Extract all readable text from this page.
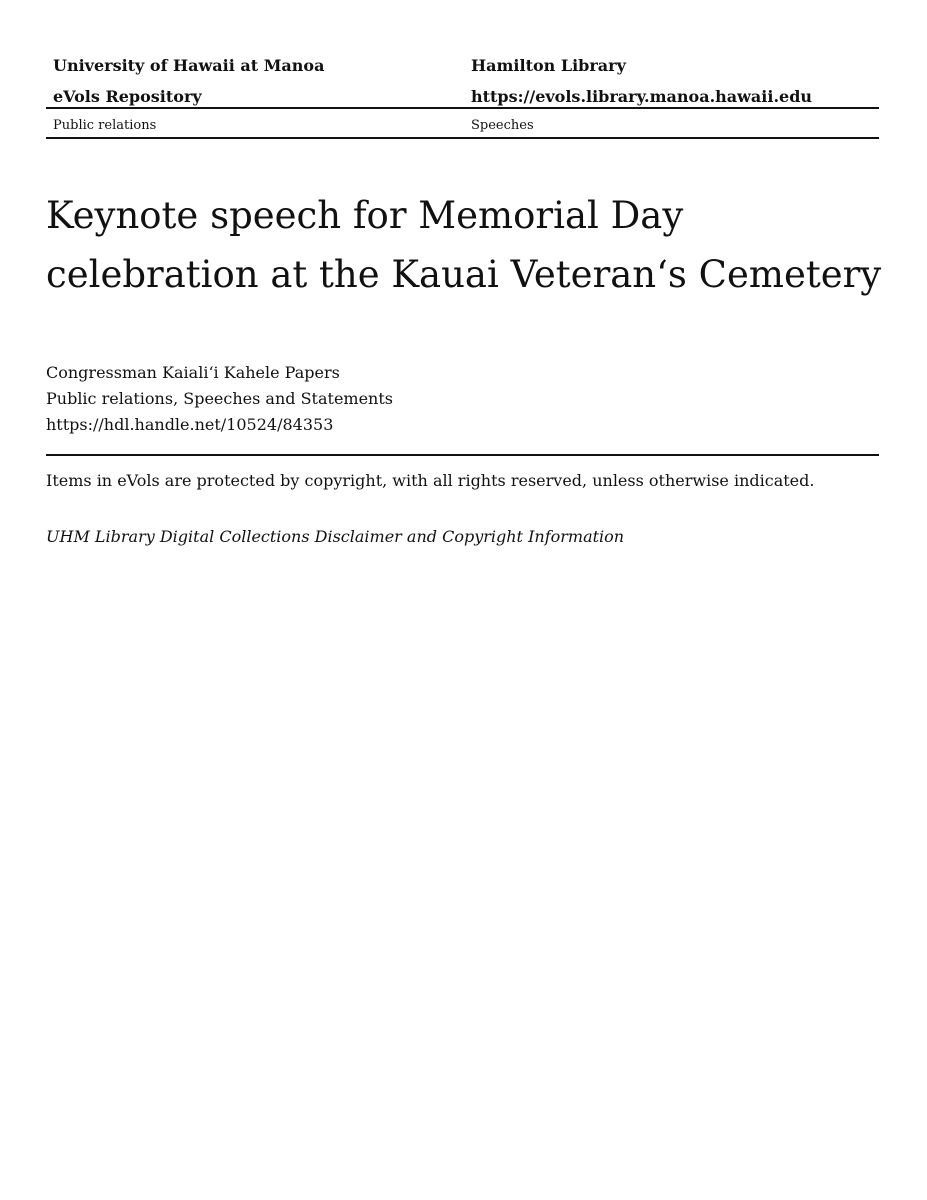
University of Hawaii at Manoa	Hamilton Library
eVols Repository	https://evols.library.manoa.hawaii.edu
Public relations	Speeches
Keynote speech for Memorial Day
celebration at the Kauai Veteran‘s Cemetery
Congressman Kaiali‘i Kahele Papers
Public relations, Speeches and Statements
https://hdl.handle.net/10524/84353
Items in eVols are protected by copyright, with all rights reserved, unless otherwise indicated.
UHM Library Digital Collections Disclaimer and Copyright Information
